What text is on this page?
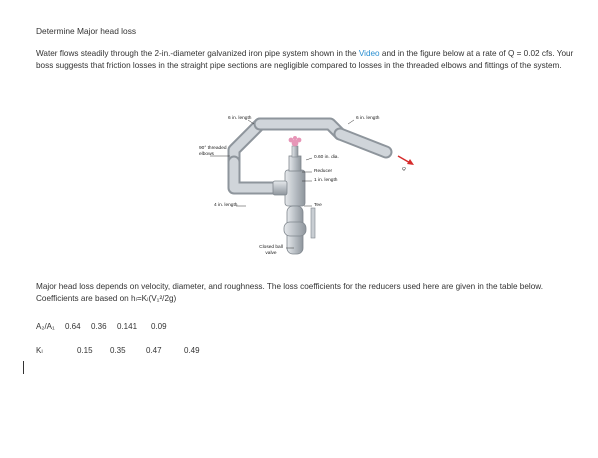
Determine Major head loss
Water flows steadily through the 2-in.-diameter galvanized iron pipe system shown in the Video and in the figure below at a rate of Q = 0.02 cfs. Your boss suggests that friction losses in the straight pipe sections are negligible compared to losses in the threaded elbows and fittings of the system.
6 in. length	6 in. length
90° threaded elbows
0.60 in. dia.
Reducer
1 in. length
Q
4 in. length	Tee
Closed ball valve
Major head loss depends on velocity, diameter, and roughness. The loss coefficients for the reducers used here are given in the table below. Coefficients are based on hₗ=Kₗ(V₁²/2g)
A₂/A₁ 0.64 0.36 0.141 0.09
Kₗ	0.15 0.35	0.47	0.49
